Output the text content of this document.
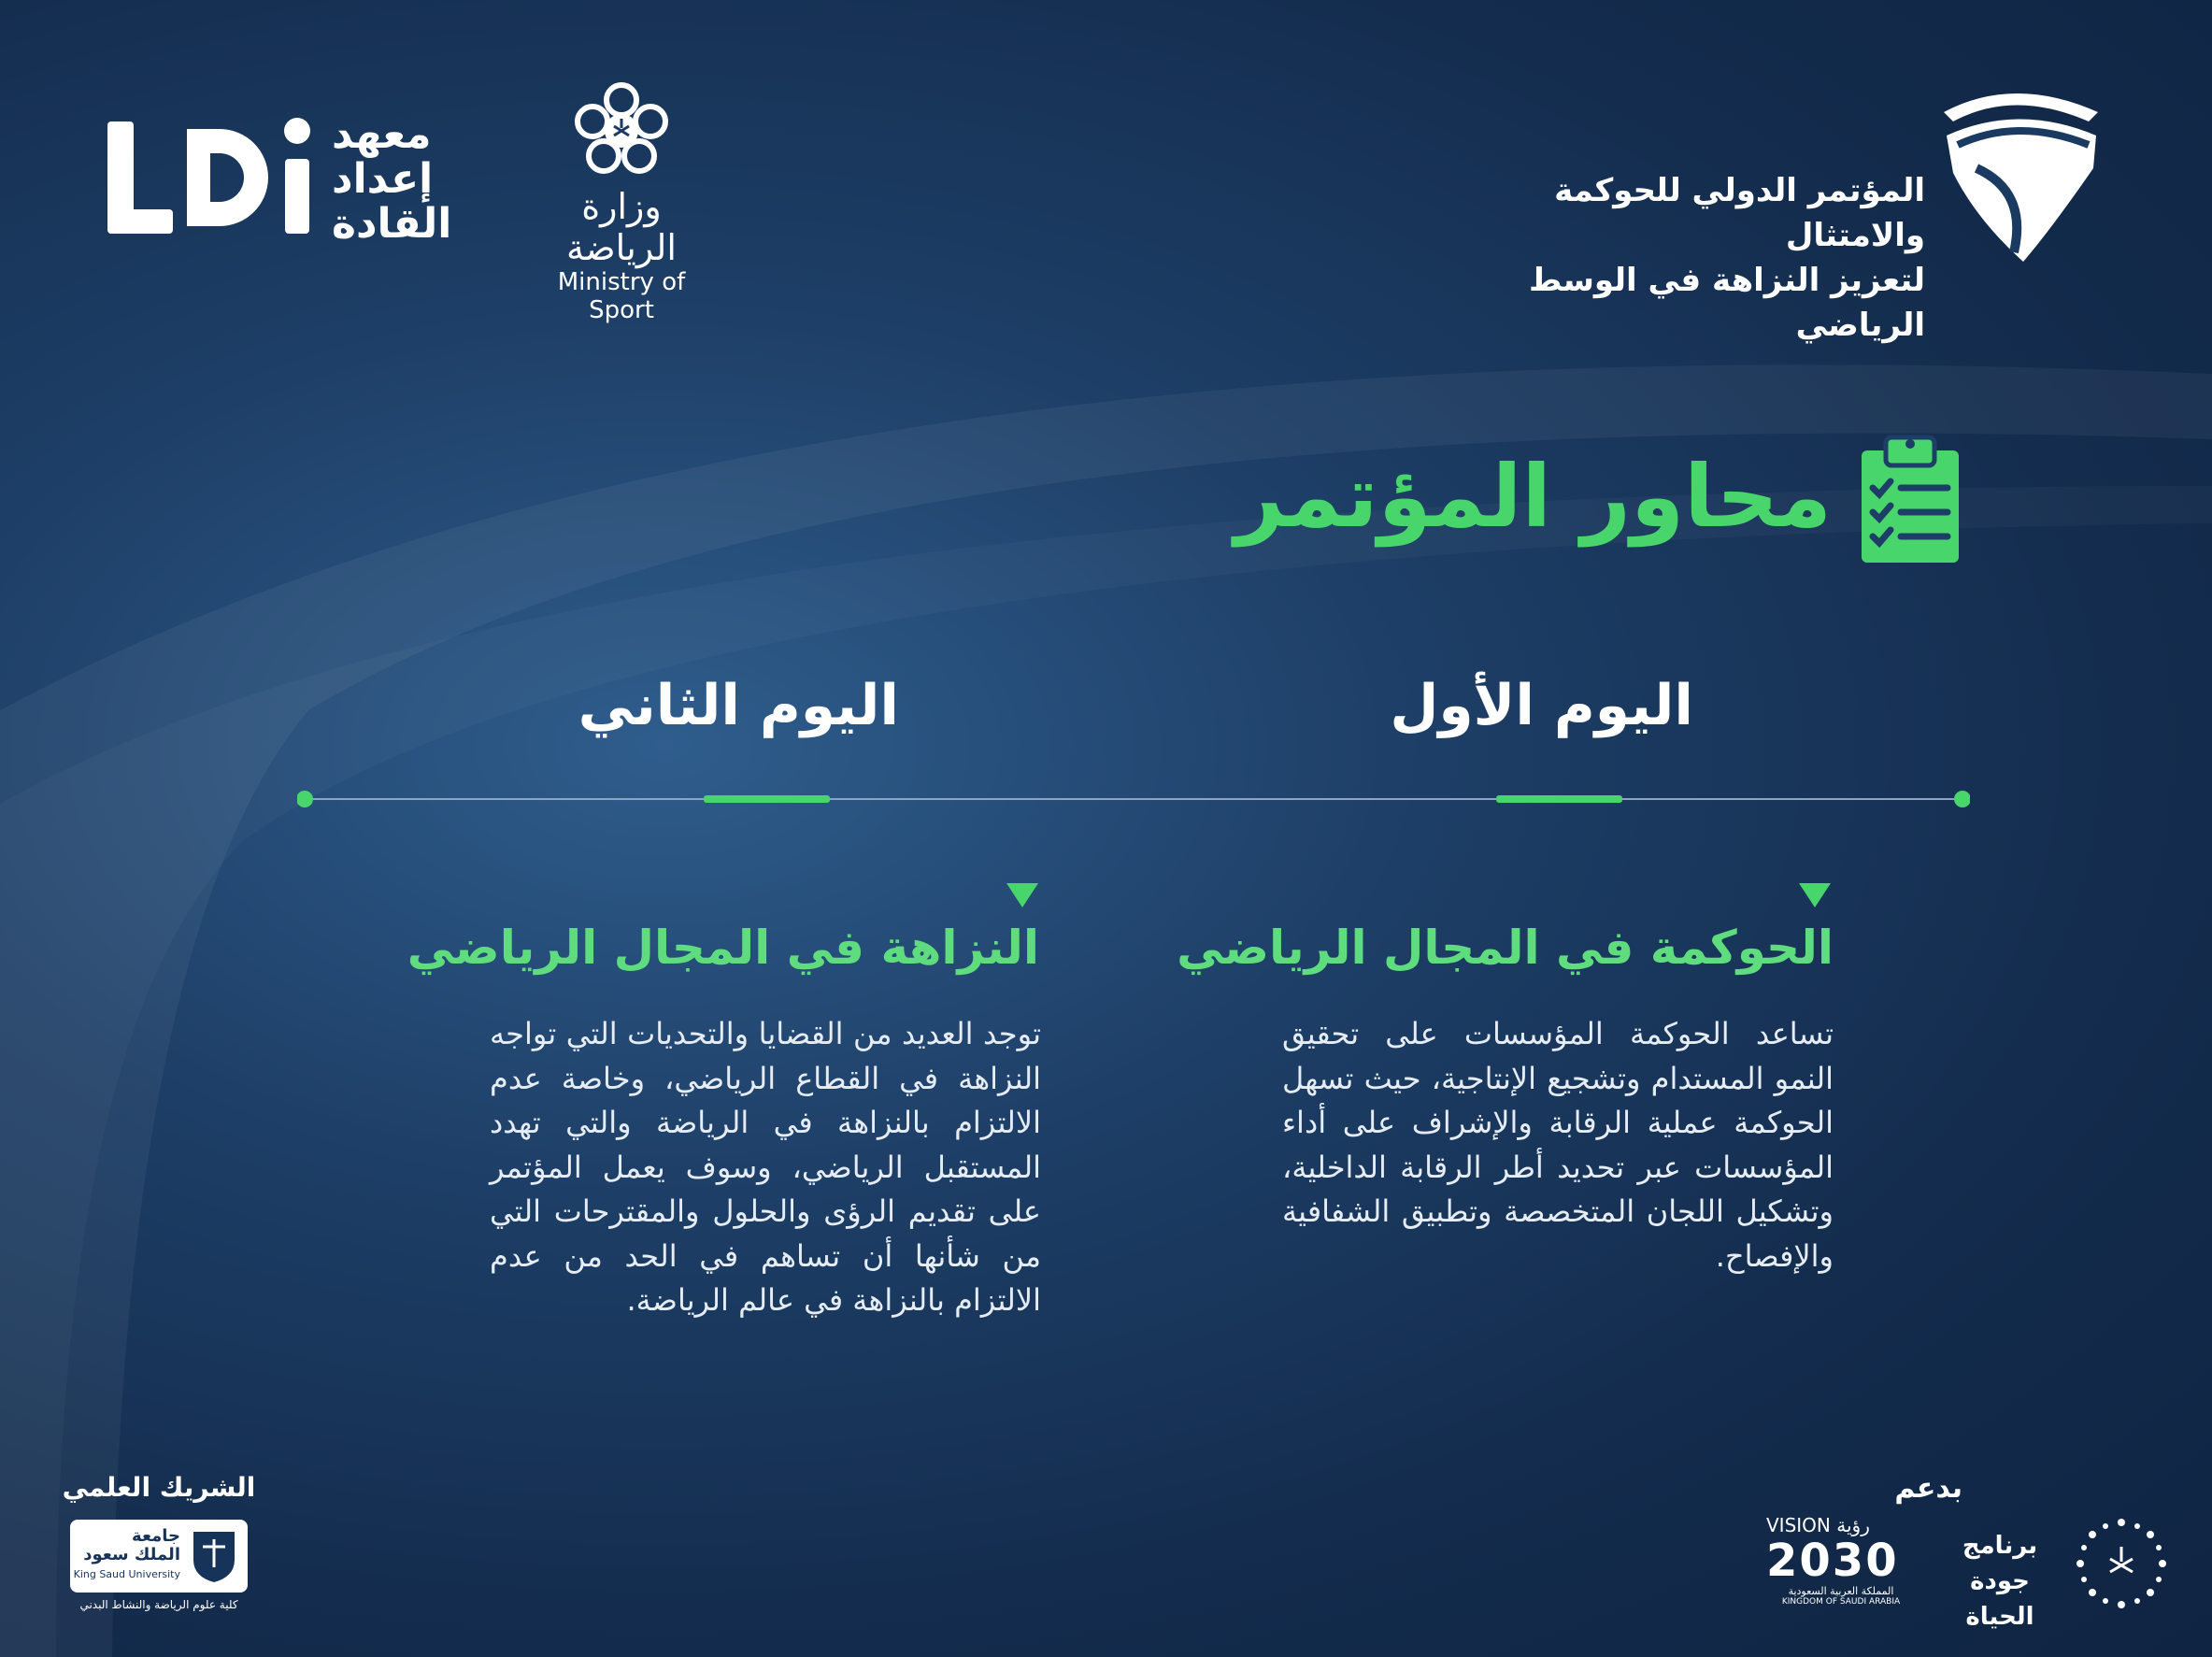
المؤتمر الدولي للحوكمة والامتثال
لتعزيز النزاهة في الوسط الرياضي
معهد
إعداد
القادة	وزارة الرياضة
Ministry of Sport
محاور المؤتمر
اليوم الأول
اليوم الثاني
الحوكمة في المجال الرياضي
تساعد الحوكمة المؤسسات على تحقيق النمو المستدام وتشجيع الإنتاجية، حيث تسهل الحوكمة عملية الرقابة والإشراف على أداء المؤسسات عبر تحديد أطر الرقابة الداخلية، وتشكيل اللجان المتخصصة وتطبيق الشفافية والإفصاح.
النزاهة في المجال الرياضي
توجد العديد من القضايا والتحديات التي تواجه النزاهة في القطاع الرياضي، وخاصة عدم الالتزام بالنزاهة في الرياضة والتي تهدد المستقبل الرياضي، وسوف يعمل المؤتمر على تقديم الرؤى والحلول والمقترحات التي من شأنها أن تساهم في الحد من عدم الالتزام بالنزاهة في عالم الرياضة.
الشريك العلمي
جامعة
الملك سعود
King Saud University
كلية علوم الرياضة والنشاط البدني
بدعم
VISION رؤية
2030
المملكة العربية السعودية
KINGDOM OF SAUDI ARABIA
برنامج جودة
الحياة
